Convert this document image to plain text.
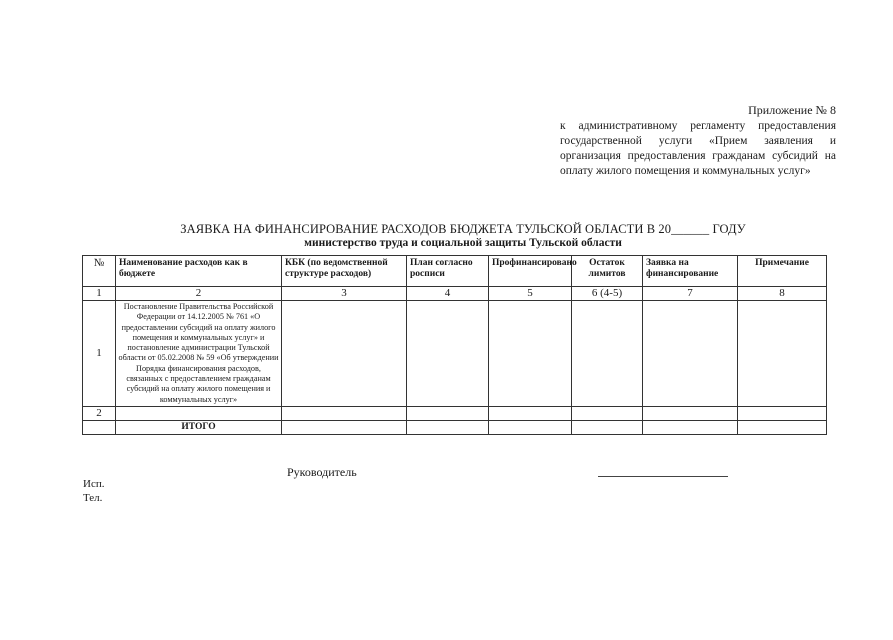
Приложение № 8
к административному регламенту предоставления государственной услуги «Прием заявления и организация предоставления гражданам субсидий на оплату жилого помещения и коммунальных услуг»
ЗАЯВКА НА ФИНАНСИРОВАНИЕ РАСХОДОВ БЮДЖЕТА ТУЛЬСКОЙ ОБЛАСТИ В 20______ ГОДУ
министерство труда и социальной защиты Тульской области
№	Наименование расходов как в бюджете	КБК (по ведомственной структуре расходов)	План согласно росписи	Профинансировано	Остаток лимитов	Заявка на финансирование	Примечание
1	2	3	4	5	6 (4-5)	7	8
1	Постановление Правительства Российской Федерации от 14.12.2005 № 761 «О предоставлении субсидий на оплату жилого помещения и коммунальных услуг» и постановление администрации Тульской области от 05.02.2008 № 59 «Об утверждении Порядка финансирования расходов, связанных с предоставлением гражданам субсидий на оплату жилого помещения и коммунальных услуг»						
2							
	ИТОГО						
Руководитель
Исп.
Тел.
